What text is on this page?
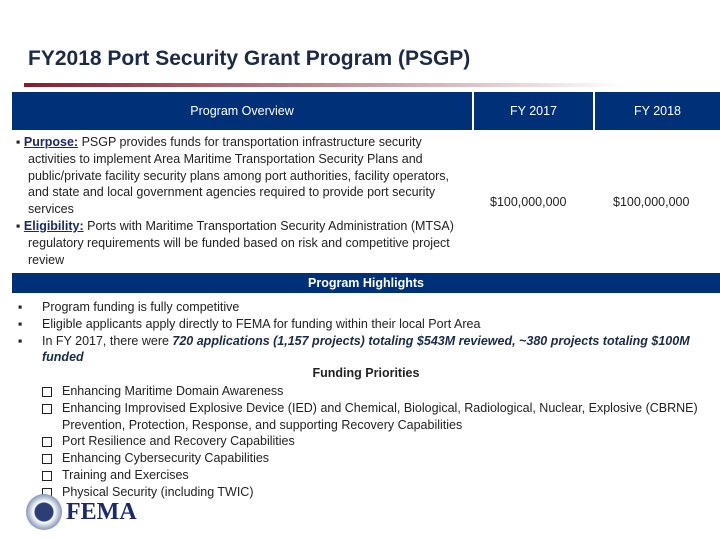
FY2018 Port Security Grant Program (PSGP)
Program Overview	FY 2017	FY 2018

▪ Purpose: PSGP provides funds for transportation infrastructure security activities to implement Area Maritime Transportation Security Plans and public/private facility security plans among port authorities, facility operators, and state and local government agencies required to provide port security services

▪ Eligibility: Ports with Maritime Transportation Security Administration (MTSA) regulatory requirements will be funded based on risk and competitive project review

$100,000,000	$100,000,000
Program Highlights
▪ Program funding is fully competitive
▪ Eligible applicants apply directly to FEMA for funding within their local Port Area
▪ In FY 2017, there were 720 applications (1,157 projects) totaling $543M reviewed, ~380 projects totaling $100M funded
Funding Priorities
Enhancing Maritime Domain Awareness
Enhancing Improvised Explosive Device (IED) and Chemical, Biological, Radiological, Nuclear, Explosive (CBRNE) Prevention, Protection, Response, and supporting Recovery Capabilities
Port Resilience and Recovery Capabilities
Enhancing Cybersecurity Capabilities
Training and Exercises
Physical Security (including TWIC)
FEMA
